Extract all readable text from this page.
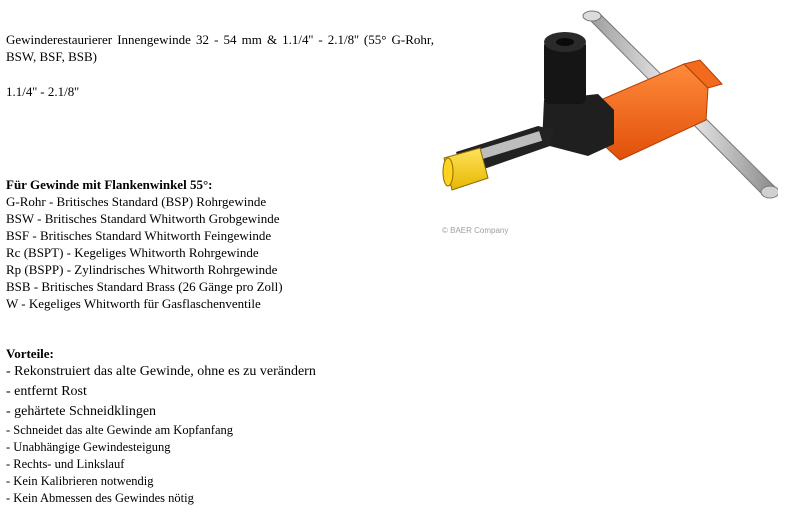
Gewinderestaurierer Innengewinde 32 - 54 mm & 1.1/4'' - 2.1/8'' (55° G-Rohr, BSW, BSF, BSB)
1.1/4'' - 2.1/8''
© BAER Company
Für Gewinde mit Flankenwinkel 55°:
G-Rohr - Britisches Standard (BSP) Rohrgewinde
BSW - Britisches Standard Whitworth Grobgewinde
BSF - Britisches Standard Whitworth Feingewinde
Rc (BSPT) - Kegeliges Whitworth Rohrgewinde
Rp (BSPP) - Zylindrisches Whitworth Rohrgewinde
BSB - Britisches Standard Brass (26 Gänge pro Zoll)
W - Kegeliges Whitworth für Gasflaschenventile
Vorteile:
- Rekonstruiert das alte Gewinde, ohne es zu verändern
- entfernt Rost
- gehärtete Schneidklingen
- Schneidet das alte Gewinde am Kopfanfang
- Unabhängige Gewindesteigung
- Rechts- und Linkslauf
- Kein Kalibrieren notwendig
- Kein Abmessen des Gewindes nötig
